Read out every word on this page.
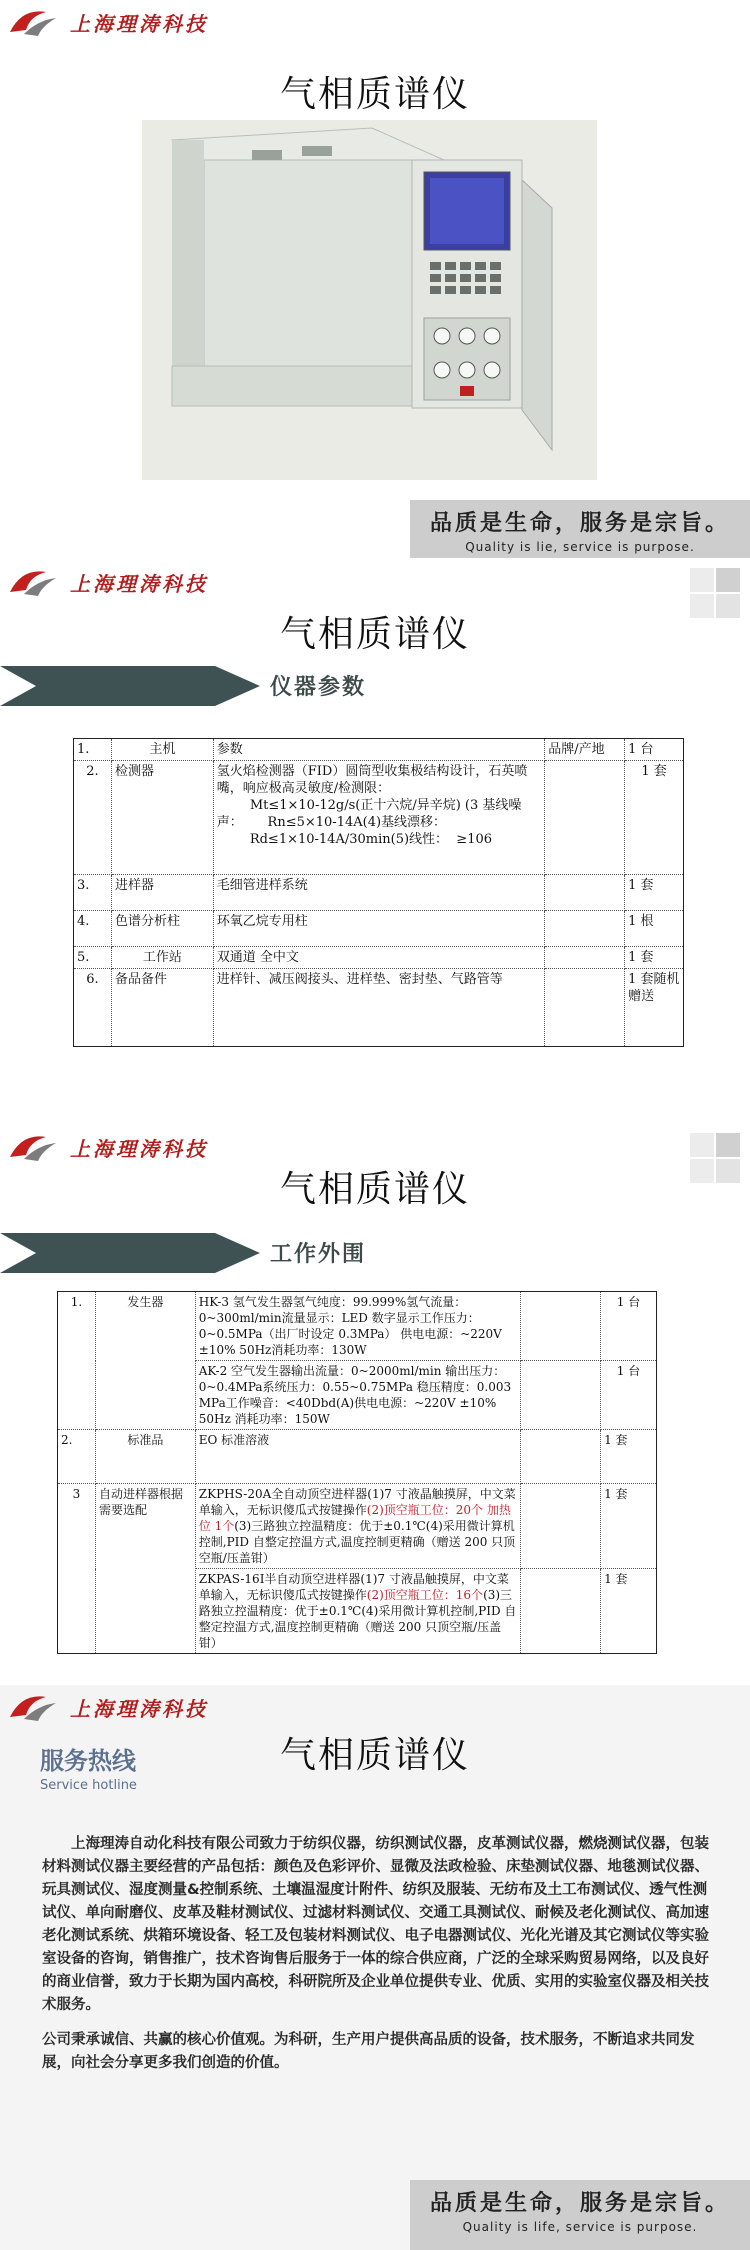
上海理涛科技
气相质谱仪
品质是生命，服务是宗旨。
Quality is lie, service is purpose.
上海理涛科技
气相质谱仪
仪器参数
1.	主机	参数	品牌/产地	1 台
2.	检测器	氢火焰检测器（FID）圆筒型收集极结构设计，石英喷嘴，响应极高灵敏度/检测限：
Mt≤1×10-12g/s(正十六烷/异辛烷) (3 基线噪声：      Rn≤5×10-14A(4)基线漂移：
Rd≤1×10-14A/30min(5)线性：  ≥106		1 套
3.	进样器	毛细管进样系统		1 套
4.	色谱分析柱	环氧乙烷专用柱		1 根
5.	工作站	双通道 全中文		1 套
6.	备品备件	进样针、减压阀接头、进样垫、密封垫、气路管等		1 套随机赠送
上海理涛科技
气相质谱仪
工作外围
1.	发生器	HK-3 氢气发生器氢气纯度：99.999%氢气流量：0~300ml/min流量显示：LED 数字显示工作压力：0~0.5MPa（出厂时设定 0.3MPa） 供电电源：~220V ±10% 50Hz消耗功率：130W		1 台
		AK-2 空气发生器输出流量：0~2000ml/min 输出压力：0~0.4MPa系统压力：0.55~0.75MPa 稳压精度：0.003 MPa工作噪音：<40Dbd(A)供电电源：~220V ±10% 50Hz 消耗功率：150W		1 台
2.	标准品	EO 标准溶液		1 套
3	自动进样器根据需要选配	ZKPHS-20A全自动顶空进样器(1)7 寸液晶触摸屏，中文菜单输入，无标识傻瓜式按键操作(2)顶空瓶工位：20个 加热位 1个(3)三路独立控温精度：优于±0.1℃(4)采用微计算机控制,PID 自整定控温方式,温度控制更精确（赠送 200 只顶空瓶/压盖钳）		1 套
		ZKPAS-16I半自动顶空进样器(1)7 寸液晶触摸屏，中文菜单输入，无标识傻瓜式按键操作(2)顶空瓶工位：16个(3)三路独立控温精度：优于±0.1℃(4)采用微计算机控制,PID 自整定控温方式,温度控制更精确（赠送 200 只顶空瓶/压盖钳）		1 套
上海理涛科技
气相质谱仪
服务热线
Service hotline

上海理涛自动化科技有限公司致力于纺织仪器，纺织测试仪器，皮革测试仪器，燃烧测试仪器，包装材料测试仪器主要经营的产品包括：颜色及色彩评价、显微及法政检验、床垫测试仪器、地毯测试仪器、玩具测试仪、湿度测量&控制系统、土壤温湿度计附件、纺织及服装、无纺布及土工布测试仪、透气性测试仪、单向耐磨仪、皮革及鞋材测试仪、过滤材料测试仪、交通工具测试仪、耐候及老化测试仪、高加速老化测试系统、烘箱环境设备、轻工及包装材料测试仪、电子电器测试仪、光化光谱及其它测试仪等实验室设备的咨询，销售推广，技术咨询售后服务于一体的综合供应商，广泛的全球采购贸易网络，以及良好的商业信誉，致力于长期为国内高校，科研院所及企业单位提供专业、优质、实用的实验室仪器及相关技术服务。

公司秉承诚信、共赢的核心价值观。为科研，生产用户提供高品质的设备，技术服务，不断追求共同发展，向社会分享更多我们创造的价值。

品质是生命，服务是宗旨。
Quality is life, service is purpose.
